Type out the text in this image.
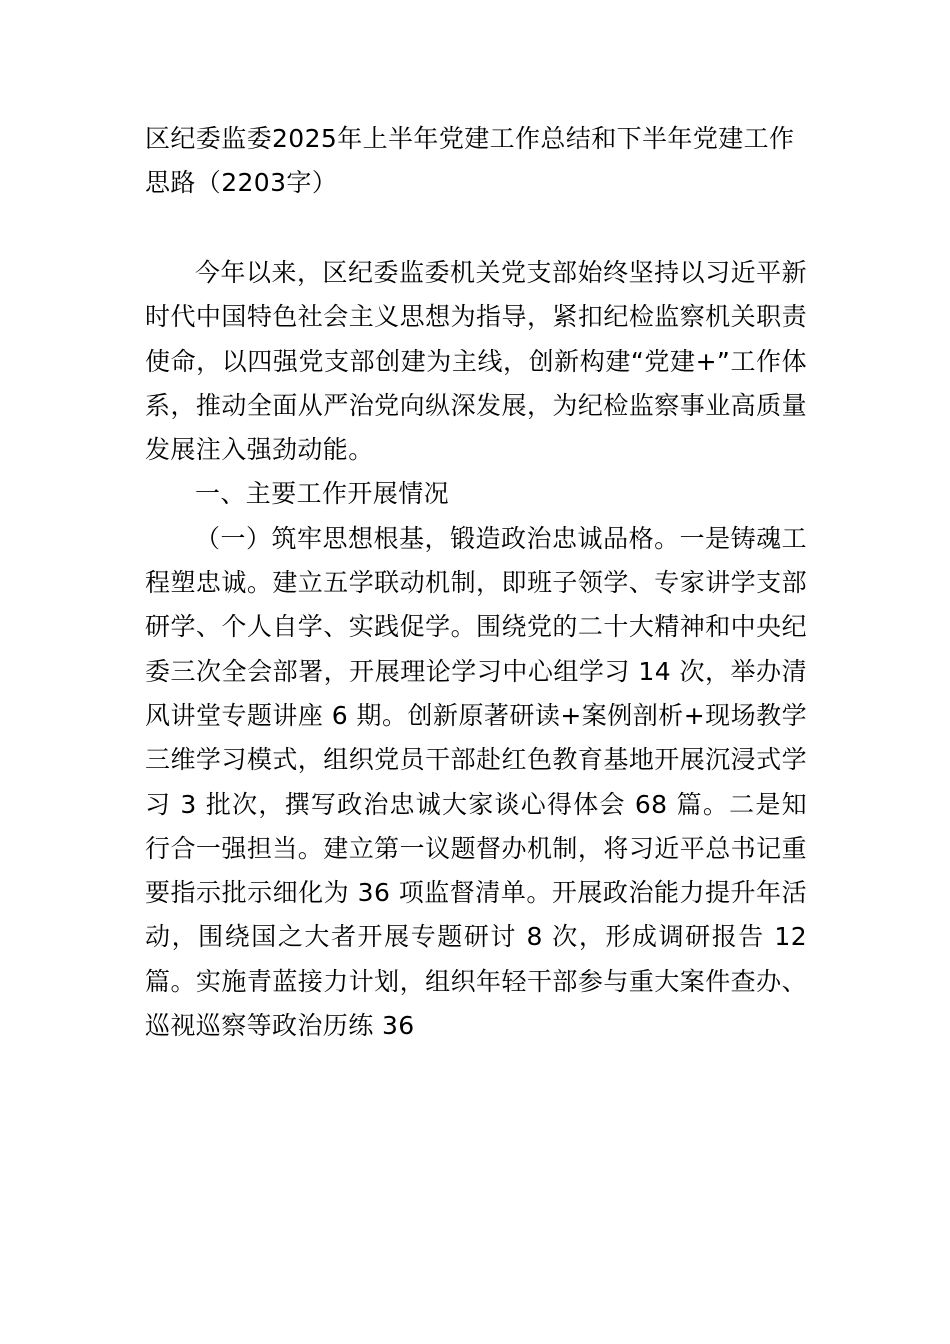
区纪委监委2025年上半年党建工作总结和下半年党建工作思路（2203字）

今年以来，区纪委监委机关党支部始终坚持以习近平新时代中国特色社会主义思想为指导，紧扣纪检监察机关职责使命，以四强党支部创建为主线，创新构建“党建+”工作体系，推动全面从严治党向纵深发展，为纪检监察事业高质量发展注入强劲动能。

一、主要工作开展情况

（一）筑牢思想根基，锻造政治忠诚品格。一是铸魂工程塑忠诚。建立五学联动机制，即班子领学、专家讲学支部研学、个人自学、实践促学。围绕党的二十大精神和中央纪委三次全会部署，开展理论学习中心组学习 14 次，举办清风讲堂专题讲座 6 期。创新原著研读+案例剖析+现场教学三维学习模式，组织党员干部赴红色教育基地开展沉浸式学习 3 批次，撰写政治忠诚大家谈心得体会 68 篇。二是知行合一强担当。建立第一议题督办机制，将习近平总书记重要指示批示细化为 36 项监督清单。开展政治能力提升年活动，围绕国之大者开展专题研讨 8 次，形成调研报告 12 篇。实施青蓝接力计划，组织年轻干部参与重大案件查办、巡视巡察等政治历练 36
